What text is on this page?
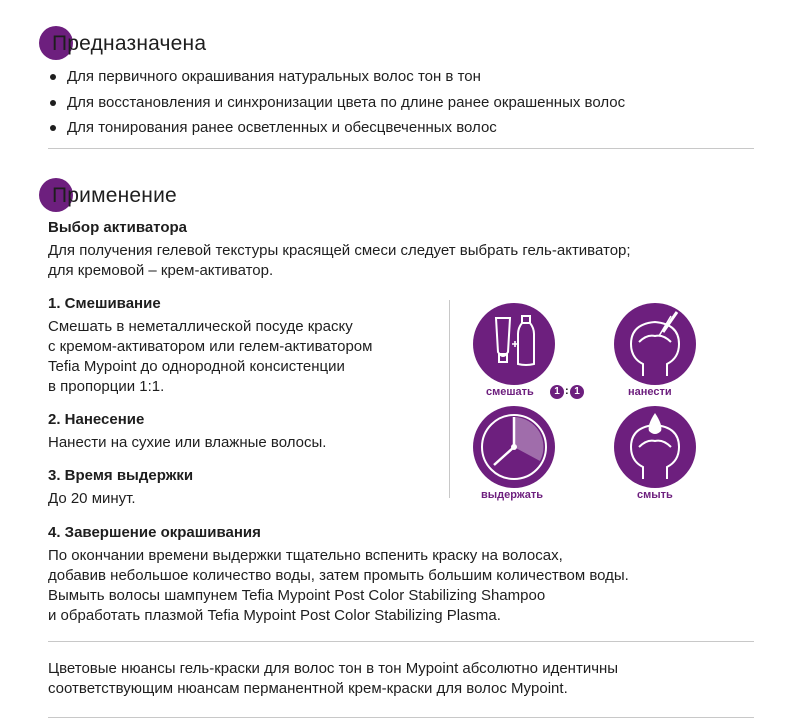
Предназначена
Для первичного окрашивания натуральных волос тон в тон
Для восстановления и синхронизации цвета по длине ранее окрашенных волос
Для тонирования ранее осветленных и обесцвеченных волос
Применение
Выбор активатора
Для получения гелевой текстуры красящей смеси следует выбрать гель-активатор;
для кремовой – крем-активатор.
1. Смешивание
Смешать в неметаллической посуде краску
с кремом-активатором или гелем-активатором
Tefia Mypoint до однородной консистенции
в пропорции 1:1.
2. Нанесение
Нанести на сухие или влажные волосы.
3. Время выдержки
До 20 минут.
4. Завершение окрашивания
По окончании времени выдержки тщательно вспенить краску на волосах,
добавив небольшое количество воды, затем промыть большим количеством воды.
Вымыть волосы шампунем Tefia Mypoint Post Color Stabilizing Shampoo
и обработать плазмой Tefia Mypoint Post Color Stabilizing Plasma.
смешать	1 : 1	нанести
выдержать	смыть
Цветовые нюансы гель-краски для волос тон в тон Mypoint абсолютно идентичны
соответствующим нюансам перманентной крем-краски для волос Mypoint.
